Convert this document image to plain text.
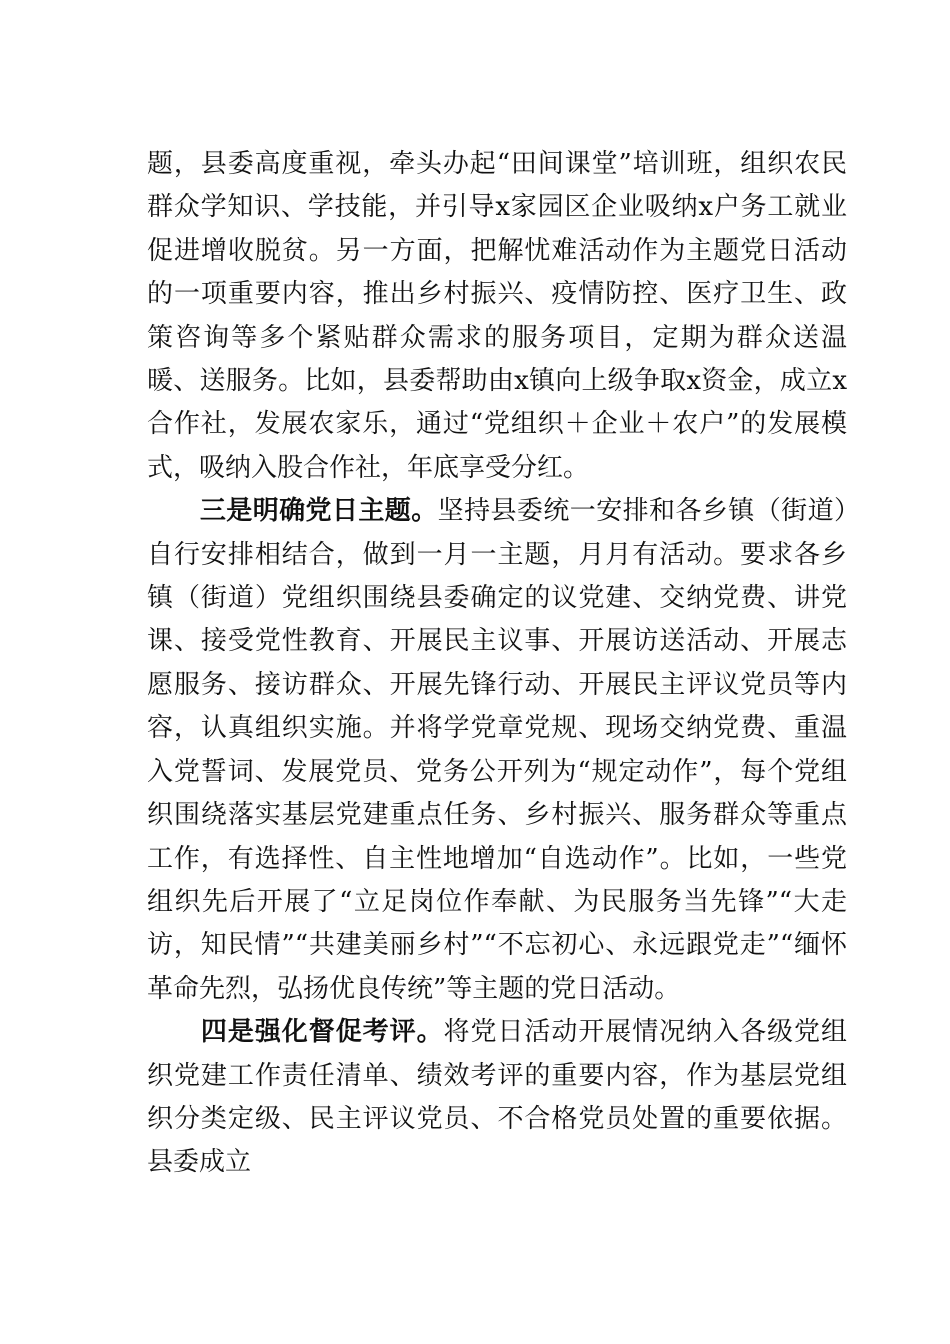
题，县委高度重视，牵头办起“田间课堂”培训班，组织农民群众学知识、学技能，并引导x家园区企业吸纳x户务工就业促进增收脱贫。另一方面，把解忧难活动作为主题党日活动的一项重要内容，推出乡村振兴、疫情防控、医疗卫生、政策咨询等多个紧贴群众需求的服务项目，定期为群众送温暖、送服务。比如，县委帮助由x镇向上级争取x资金，成立x合作社，发展农家乐，通过“党组织＋企业＋农户”的发展模式，吸纳入股合作社，年底享受分红。

　　三是明确党日主题。坚持县委统一安排和各乡镇（街道）自行安排相结合，做到一月一主题，月月有活动。要求各乡镇（街道）党组织围绕县委确定的议党建、交纳党费、讲党课、接受党性教育、开展民主议事、开展访送活动、开展志愿服务、接访群众、开展先锋行动、开展民主评议党员等内容，认真组织实施。并将学党章党规、现场交纳党费、重温入党誓词、发展党员、党务公开列为“规定动作”，每个党组织围绕落实基层党建重点任务、乡村振兴、服务群众等重点工作，有选择性、自主性地增加“自选动作”。比如，一些党组织先后开展了“立足岗位作奉献、为民服务当先锋”“大走访，知民情”“共建美丽乡村”“不忘初心、永远跟党走”“缅怀革命先烈，弘扬优良传统”等主题的党日活动。

　　四是强化督促考评。将党日活动开展情况纳入各级党组织党建工作责任清单、绩效考评的重要内容，作为基层党组织分类定级、民主评议党员、不合格党员处置的重要依据。县委成立
